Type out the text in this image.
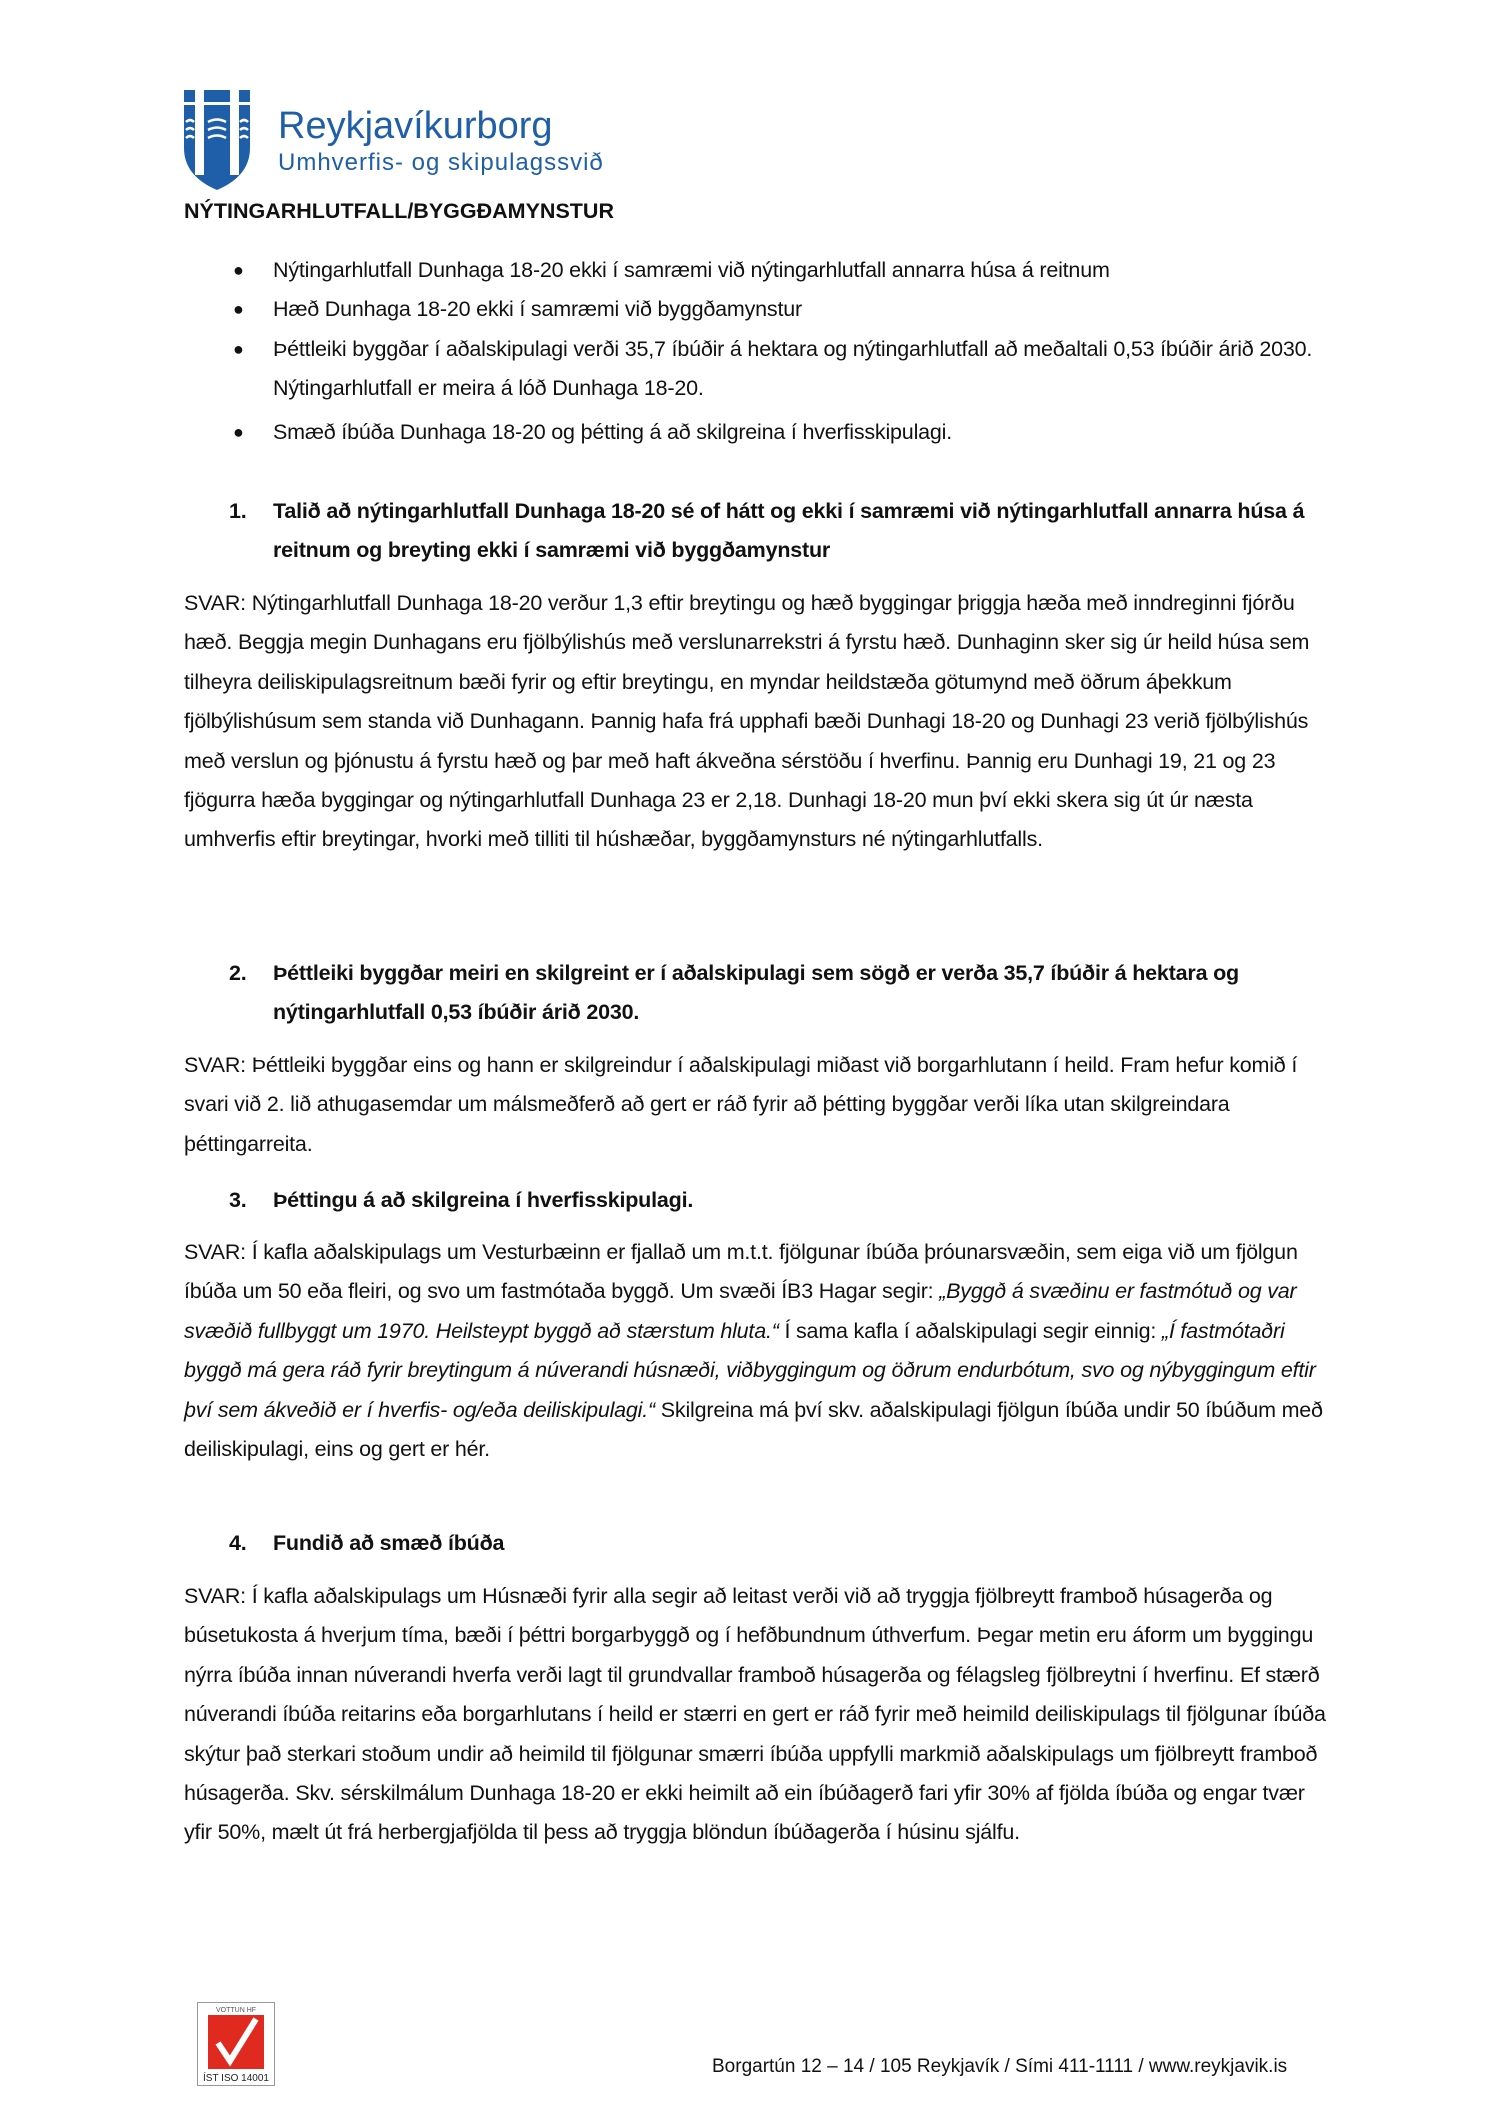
Reykjavíkurborg
Umhverfis- og skipulagssvið
NÝTINGARHLUTFALL/BYGGÐAMYNSTUR
● Nýtingarhlutfall Dunhaga 18-20 ekki í samræmi við nýtingarhlutfall annarra húsa á reitnum
● Hæð Dunhaga 18-20 ekki í samræmi við byggðamynstur
● Þéttleiki byggðar í aðalskipulagi verði 35,7 íbúðir á hektara og nýtingarhlutfall að meðaltali 0,53 íbúðir árið 2030. Nýtingarhlutfall er meira á lóð Dunhaga 18-20.
● Smæð íbúða Dunhaga 18-20 og þétting á að skilgreina í hverfisskipulagi.
1. Talið að nýtingarhlutfall Dunhaga 18-20 sé of hátt og ekki í samræmi við nýtingarhlutfall annarra húsa á reitnum og breyting ekki í samræmi við byggðamynstur
SVAR: Nýtingarhlutfall Dunhaga 18-20 verður 1,3 eftir breytingu og hæð byggingar þriggja hæða með inndreginni fjórðu hæð. Beggja megin Dunhagans eru fjölbýlishús með verslunarrekstri á fyrstu hæð. Dunhaginn sker sig úr heild húsa sem tilheyra deiliskipulagsreitnum bæði fyrir og eftir breytingu, en myndar heildstæða götumynd með öðrum áþekkum fjölbýlishúsum sem standa við Dunhagann. Þannig hafa frá upphafi bæði Dunhagi 18-20 og Dunhagi 23 verið fjölbýlishús með verslun og þjónustu á fyrstu hæð og þar með haft ákveðna sérstöðu í hverfinu. Þannig eru Dunhagi 19, 21 og 23 fjögurra hæða byggingar og nýtingarhlutfall Dunhaga 23 er 2,18. Dunhagi 18-20 mun því ekki skera sig út úr næsta umhverfis eftir breytingar, hvorki með tilliti til húshæðar, byggðamynsturs né nýtingarhlutfalls.
2. Þéttleiki byggðar meiri en skilgreint er í aðalskipulagi sem sögð er verða 35,7 íbúðir á hektara og nýtingarhlutfall 0,53 íbúðir árið 2030.
SVAR: Þéttleiki byggðar eins og hann er skilgreindur í aðalskipulagi miðast við borgarhlutann í heild. Fram hefur komið í svari við 2. lið athugasemdar um málsmeðferð að gert er ráð fyrir að þétting byggðar verði líka utan skilgreindara þéttingarreita.
3. Þéttingu á að skilgreina í hverfisskipulagi.
SVAR: Í kafla aðalskipulags um Vesturbæinn er fjallað um m.t.t. fjölgunar íbúða þróunarsvæðin, sem eiga við um fjölgun íbúða um 50 eða fleiri, og svo um fastmótaða byggð. Um svæði ÍB3 Hagar segir: „Byggð á svæðinu er fastmótuð og var svæðið fullbyggt um 1970. Heilsteypt byggð að stærstum hluta.“ Í sama kafla í aðalskipulagi segir einnig: „Í fastmótaðri byggð má gera ráð fyrir breytingum á núverandi húsnæði, viðbyggingum og öðrum endurbótum, svo og nýbyggingum eftir því sem ákveðið er í hverfis- og/eða deiliskipulagi.“ Skilgreina má því skv. aðalskipulagi fjölgun íbúða undir 50 íbúðum með deiliskipulagi, eins og gert er hér.
4. Fundið að smæð íbúða
SVAR: Í kafla aðalskipulags um Húsnæði fyrir alla segir að leitast verði við að tryggja fjölbreytt framboð húsagerða og búsetukosta á hverjum tíma, bæði í þéttri borgarbyggð og í hefðbundnum úthverfum. Þegar metin eru áform um byggingu nýrra íbúða innan núverandi hverfa verði lagt til grundvallar framboð húsagerða og félagsleg fjölbreytni í hverfinu. Ef stærð núverandi íbúða reitarins eða borgarhlutans í heild er stærri en gert er ráð fyrir með heimild deiliskipulags til fjölgunar íbúða skýtur það sterkari stoðum undir að heimild til fjölgunar smærri íbúða uppfylli markmið aðalskipulags um fjölbreytt framboð húsagerða. Skv. sérskilmálum Dunhaga 18-20 er ekki heimilt að ein íbúðagerð fari yfir 30% af fjölda íbúða og engar tvær yfir 50%, mælt út frá herbergjafjölda til þess að tryggja blöndun íbúðagerða í húsinu sjálfu.
VOTTUN HF
ÍST ISO 14001
Borgartún 12 – 14 / 105 Reykjavík / Sími 411-1111 / www.reykjavik.is
